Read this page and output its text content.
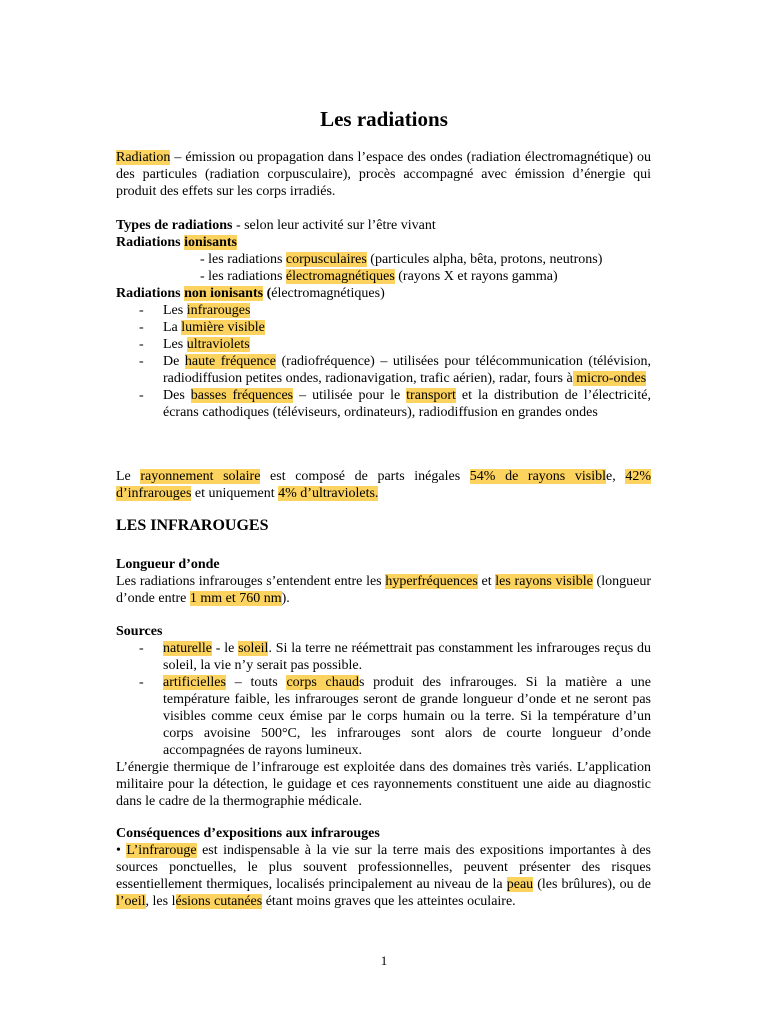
Les radiations
Radiation – émission ou propagation dans l’espace des ondes (radiation électromagnétique) ou des particules (radiation corpusculaire), procès accompagné avec émission d’énergie qui produit des effets sur les corps irradiés.
Types de radiations - selon leur activité sur l’être vivant
Radiations ionisants
- les radiations corpusculaires (particules alpha, bêta, protons, neutrons)
- les radiations électromagnétiques (rayons X et rayons gamma)
Radiations non ionisants (électromagnétiques)
- Les infrarouges
- La lumière visible
- Les ultraviolets
- De haute fréquence (radiofréquence) – utilisées pour télécommunication (télévision, radiodiffusion petites ondes, radionavigation, trafic aérien), radar, fours à micro-ondes
- Des basses fréquences – utilisée pour le transport et la distribution de l’électricité, écrans cathodiques (téléviseurs, ordinateurs), radiodiffusion en grandes ondes
Le rayonnement solaire est composé de parts inégales 54% de rayons visible, 42% d’infrarouges et uniquement 4% d’ultraviolets.
LES INFRAROUGES
Longueur d’onde
Les radiations infrarouges s’entendent entre les hyperfréquences et les rayons visible (longueur d’onde entre 1 mm et 760 nm).
Sources
- naturelle - le soleil. Si la terre ne réémettrait pas constamment les infrarouges reçus du soleil, la vie n’y serait pas possible.
- artificielles – touts corps chauds produit des infrarouges. Si la matière a une température faible, les infrarouges seront de grande longueur d’onde et ne seront pas visibles comme ceux émise par le corps humain ou la terre. Si la température d’un corps avoisine 500°C, les infrarouges sont alors de courte longueur d’onde accompagnées de rayons lumineux.
L’énergie thermique de l’infrarouge est exploitée dans des domaines très variés. L’application militaire pour la détection, le guidage et ces rayonnements constituent une aide au diagnostic dans le cadre de la thermographie médicale.
Conséquences d’expositions aux infrarouges
• L’infrarouge est indispensable à la vie sur la terre mais des expositions importantes à des sources ponctuelles, le plus souvent professionnelles, peuvent présenter des risques essentiellement thermiques, localisés principalement au niveau de la peau (les brûlures), ou de l’oeil, les lésions cutanées étant moins graves que les atteintes oculaire.
1
